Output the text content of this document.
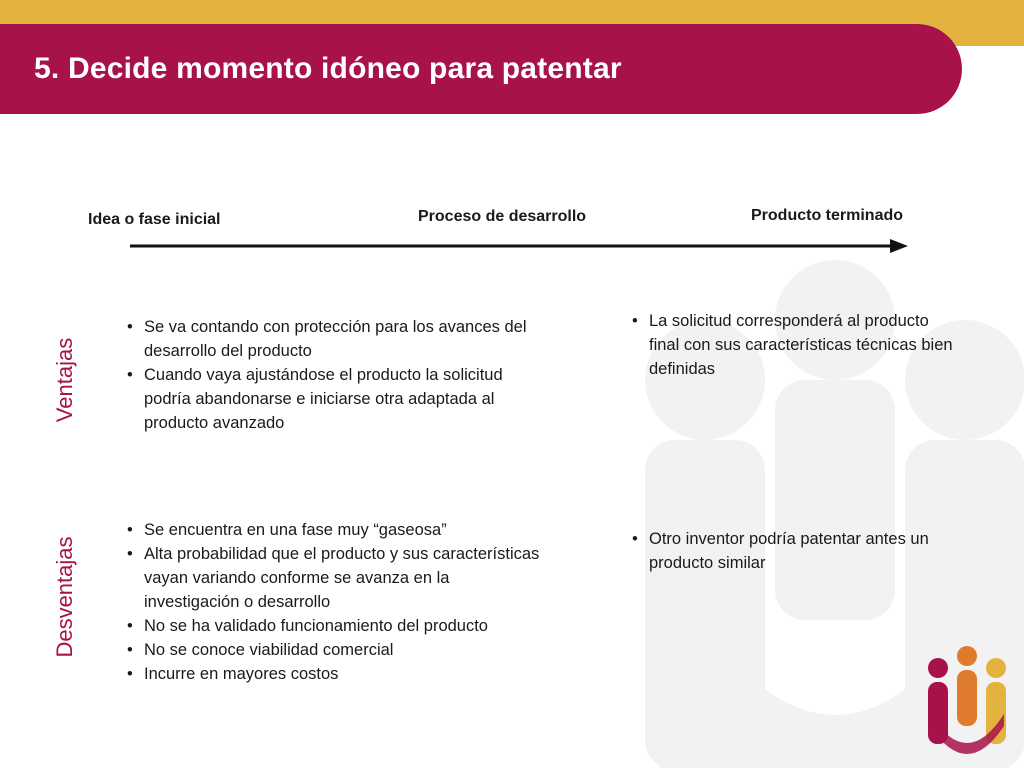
5. Decide momento idóneo para patentar
Idea o fase inicial	Proceso de desarrollo	Producto terminado
Ventajas
Desventajas
• Se va contando con protección para los avances del desarrollo del producto
• Cuando vaya ajustándose el producto la solicitud podría abandonarse e iniciarse otra adaptada al producto avanzado
• La solicitud corresponderá al producto final con sus características técnicas bien definidas
• Se encuentra en una fase muy “gaseosa”
• Alta probabilidad que el producto y sus características vayan variando conforme se avanza en la investigación o desarrollo
• No se ha validado funcionamiento del producto
• No se conoce viabilidad comercial
• Incurre en mayores costos
• Otro inventor podría patentar antes un producto similar
